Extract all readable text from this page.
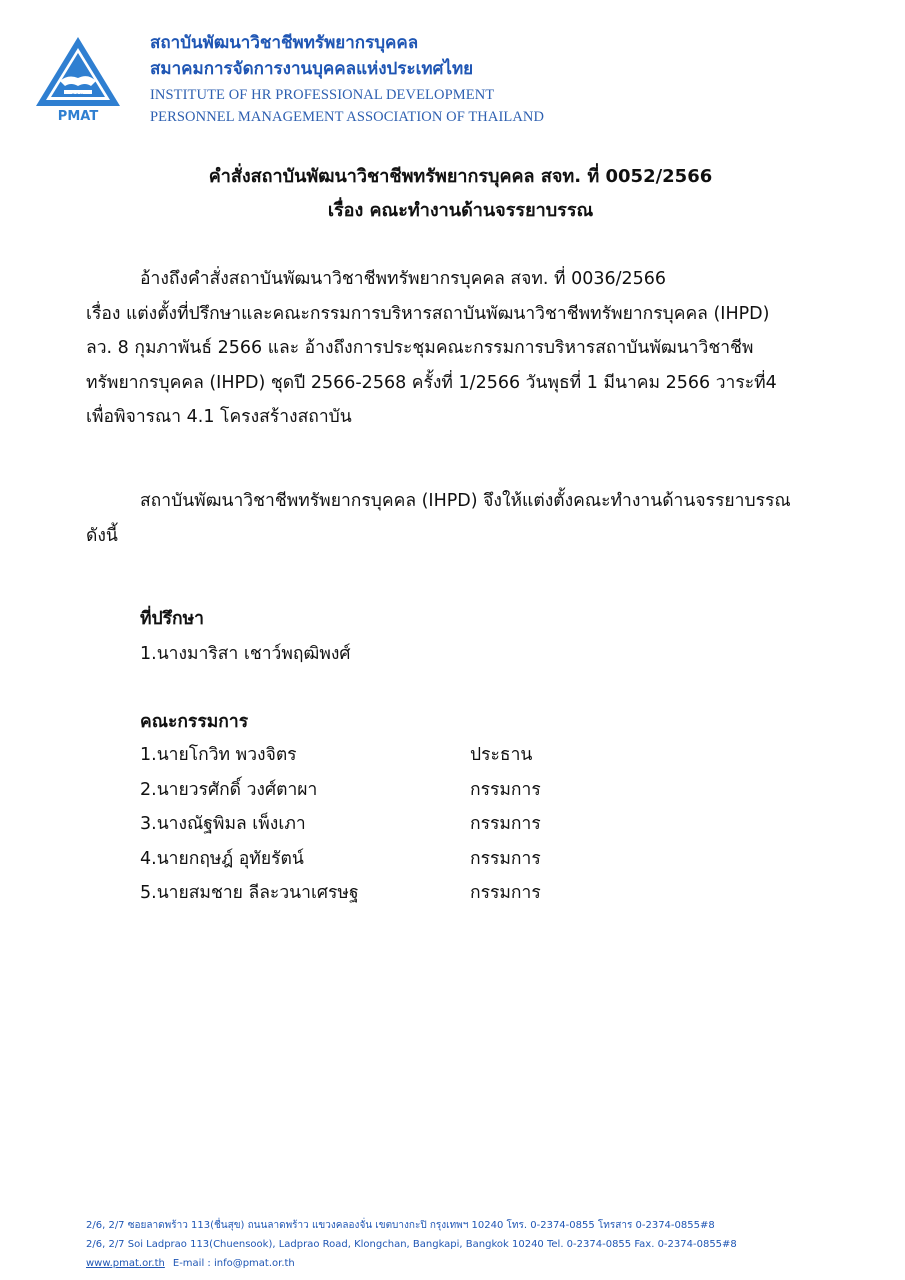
ส.จ.ท.
PMAT
สถาบันพัฒนาวิชาชีพทรัพยากรบุคคล
สมาคมการจัดการงานบุคคลแห่งประเทศไทย
INSTITUTE OF HR PROFESSIONAL DEVELOPMENT
PERSONNEL MANAGEMENT ASSOCIATION OF THAILAND
คำสั่งสถาบันพัฒนาวิชาชีพทรัพยากรบุคคล สจท. ที่ 0052/2566
เรื่อง คณะทำงานด้านจรรยาบรรณ
อ้างถึงคำสั่งสถาบันพัฒนาวิชาชีพทรัพยากรบุคคล สจท. ที่ 0036/2566
เรื่อง แต่งตั้งที่ปรึกษาและคณะกรรมการบริหารสถาบันพัฒนาวิชาชีพทรัพยากรบุคคล (IHPD)
ลว. 8 กุมภาพันธ์ 2566 และ อ้างถึงการประชุมคณะกรรมการบริหารสถาบันพัฒนาวิชาชีพ
ทรัพยากรบุคคล (IHPD) ชุดปี 2566-2568 ครั้งที่ 1/2566 วันพุธที่ 1 มีนาคม 2566 วาระที่4
เพื่อพิจารณา 4.1 โครงสร้างสถาบัน
สถาบันพัฒนาวิชาชีพทรัพยากรบุคคล (IHPD) จึงให้แต่งตั้งคณะทำงานด้านจรรยาบรรณ
ดังนี้
ที่ปรึกษา
1.นางมาริสา เชาว์พฤฒิพงศ์
คณะกรรมการ
1.นายโกวิท พวงจิตร	ประธาน
2.นายวรศักดิ์ วงศ์ตาผา	กรรมการ
3.นางณัฐพิมล เพ็งเภา	กรรมการ
4.นายกฤษฎ์ อุทัยรัตน์	กรรมการ
5.นายสมชาย ลีละวนาเศรษฐ	กรรมการ
2/6, 2/7 ซอยลาดพร้าว 113(ชื่นสุข) ถนนลาดพร้าว แขวงคลองจั่น เขตบางกะปิ กรุงเทพฯ 10240 โทร. 0-2374-0855 โทรสาร 0-2374-0855#8
2/6, 2/7 Soi Ladprao 113(Chuensook), Ladprao Road, Klongchan, Bangkapi, Bangkok 10240 Tel. 0-2374-0855 Fax. 0-2374-0855#8
www.pmat.or.th E-mail : info@pmat.or.th
